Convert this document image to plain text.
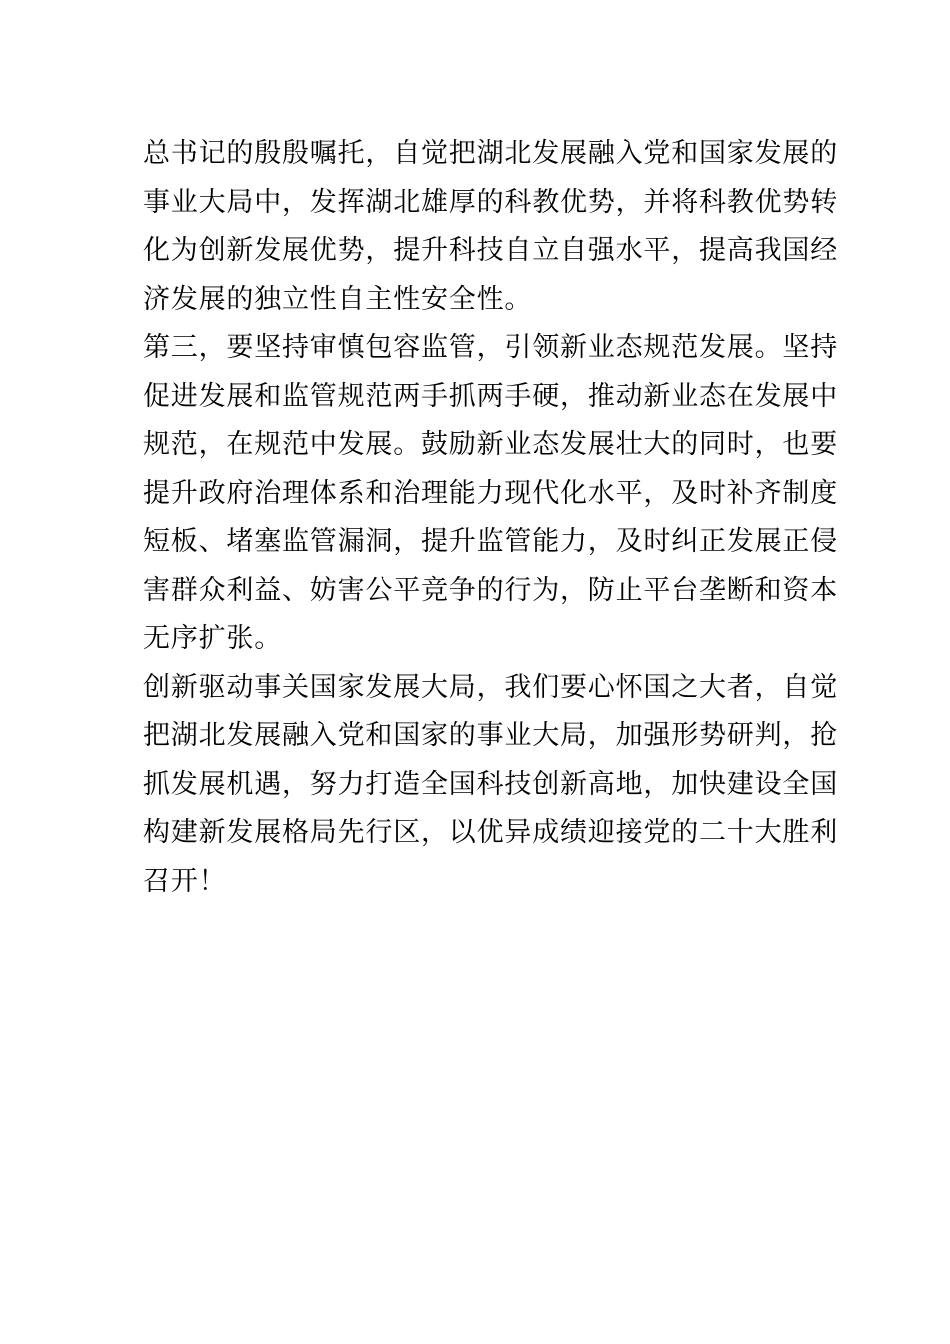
总书记的殷殷嘱托，自觉把湖北发展融入党和国家发展的
事业大局中，发挥湖北雄厚的科教优势，并将科教优势转
化为创新发展优势，提升科技自立自强水平，提高我国经
济发展的独立性自主性安全性。
第三，要坚持审慎包容监管，引领新业态规范发展。坚持
促进发展和监管规范两手抓两手硬，推动新业态在发展中
规范，在规范中发展。鼓励新业态发展壮大的同时，也要
提升政府治理体系和治理能力现代化水平，及时补齐制度
短板、堵塞监管漏洞，提升监管能力，及时纠正发展正侵
害群众利益、妨害公平竞争的行为，防止平台垄断和资本
无序扩张。
创新驱动事关国家发展大局，我们要心怀国之大者，自觉
把湖北发展融入党和国家的事业大局，加强形势研判，抢
抓发展机遇，努力打造全国科技创新高地，加快建设全国
构建新发展格局先行区，以优异成绩迎接党的二十大胜利
召开！
